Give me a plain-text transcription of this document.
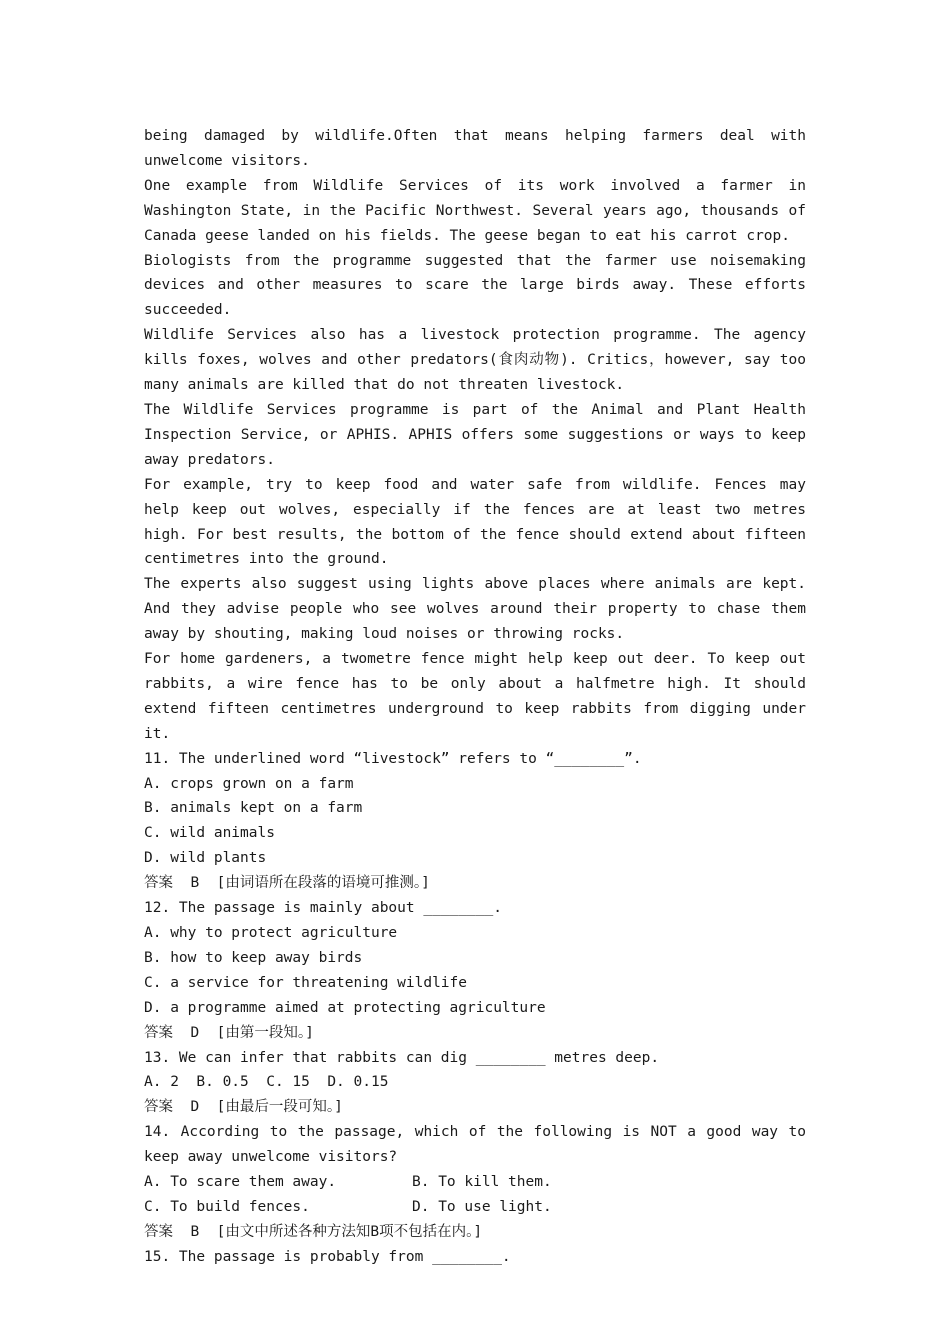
being damaged by wildlife.Often that means helping farmers deal with unwelcome visitors.

One example from Wildlife Services of its work involved a farmer in Washington State, in the Pacific Northwest. Several years ago, thousands of Canada geese landed on his fields. The geese began to eat his carrot crop.

Biologists from the programme suggested that the farmer use noisemaking devices and other measures to scare the large birds away. These efforts succeeded.

Wildlife Services also has a livestock protection programme. The agency kills foxes, wolves and other predators(食肉动物). Critics，however, say too many animals are killed that do not threaten livestock.

The Wildlife Services programme is part of the Animal and Plant Health Inspection Service, or APHIS. APHIS offers some suggestions or ways to keep away predators.

For example, try to keep food and water safe from wildlife. Fences may  help keep out wolves, especially if the fences are at least two metres high. For best results, the bottom of the fence should extend about fifteen centimetres into the ground.

The experts also suggest using lights above places where animals are kept. And they advise people who see wolves around their property to chase them away by shouting, making loud noises or throwing rocks.

For home gardeners, a twometre fence might help keep out deer. To keep out rabbits, a wire fence has to be only about a halfmetre high. It should extend fifteen centimetres underground to keep rabbits from digging under it.

11. The underlined word “livestock” refers to “________”.

A. crops grown on a farm

B. animals kept on a farm

C. wild animals

D. wild plants

答案  B  [由词语所在段落的语境可推测。]

12. The passage is mainly about ________.

A. why to protect agriculture

B. how to keep away birds

C. a service for threatening wildlife

D. a programme aimed at protecting agriculture

答案  D  [由第一段知。]

13. We can infer that rabbits can dig ________ metres deep.

A. 2  B. 0.5  C. 15  D. 0.15

答案  D  [由最后一段可知。]

14. According to the passage, which of the following is NOT a good way to keep away unwelcome visitors?

A. To scare them away.	B. To kill them.
C. To build fences.	D. To use light.

答案  B  [由文中所述各种方法知B项不包括在内。]

15. The passage is probably from ________.
